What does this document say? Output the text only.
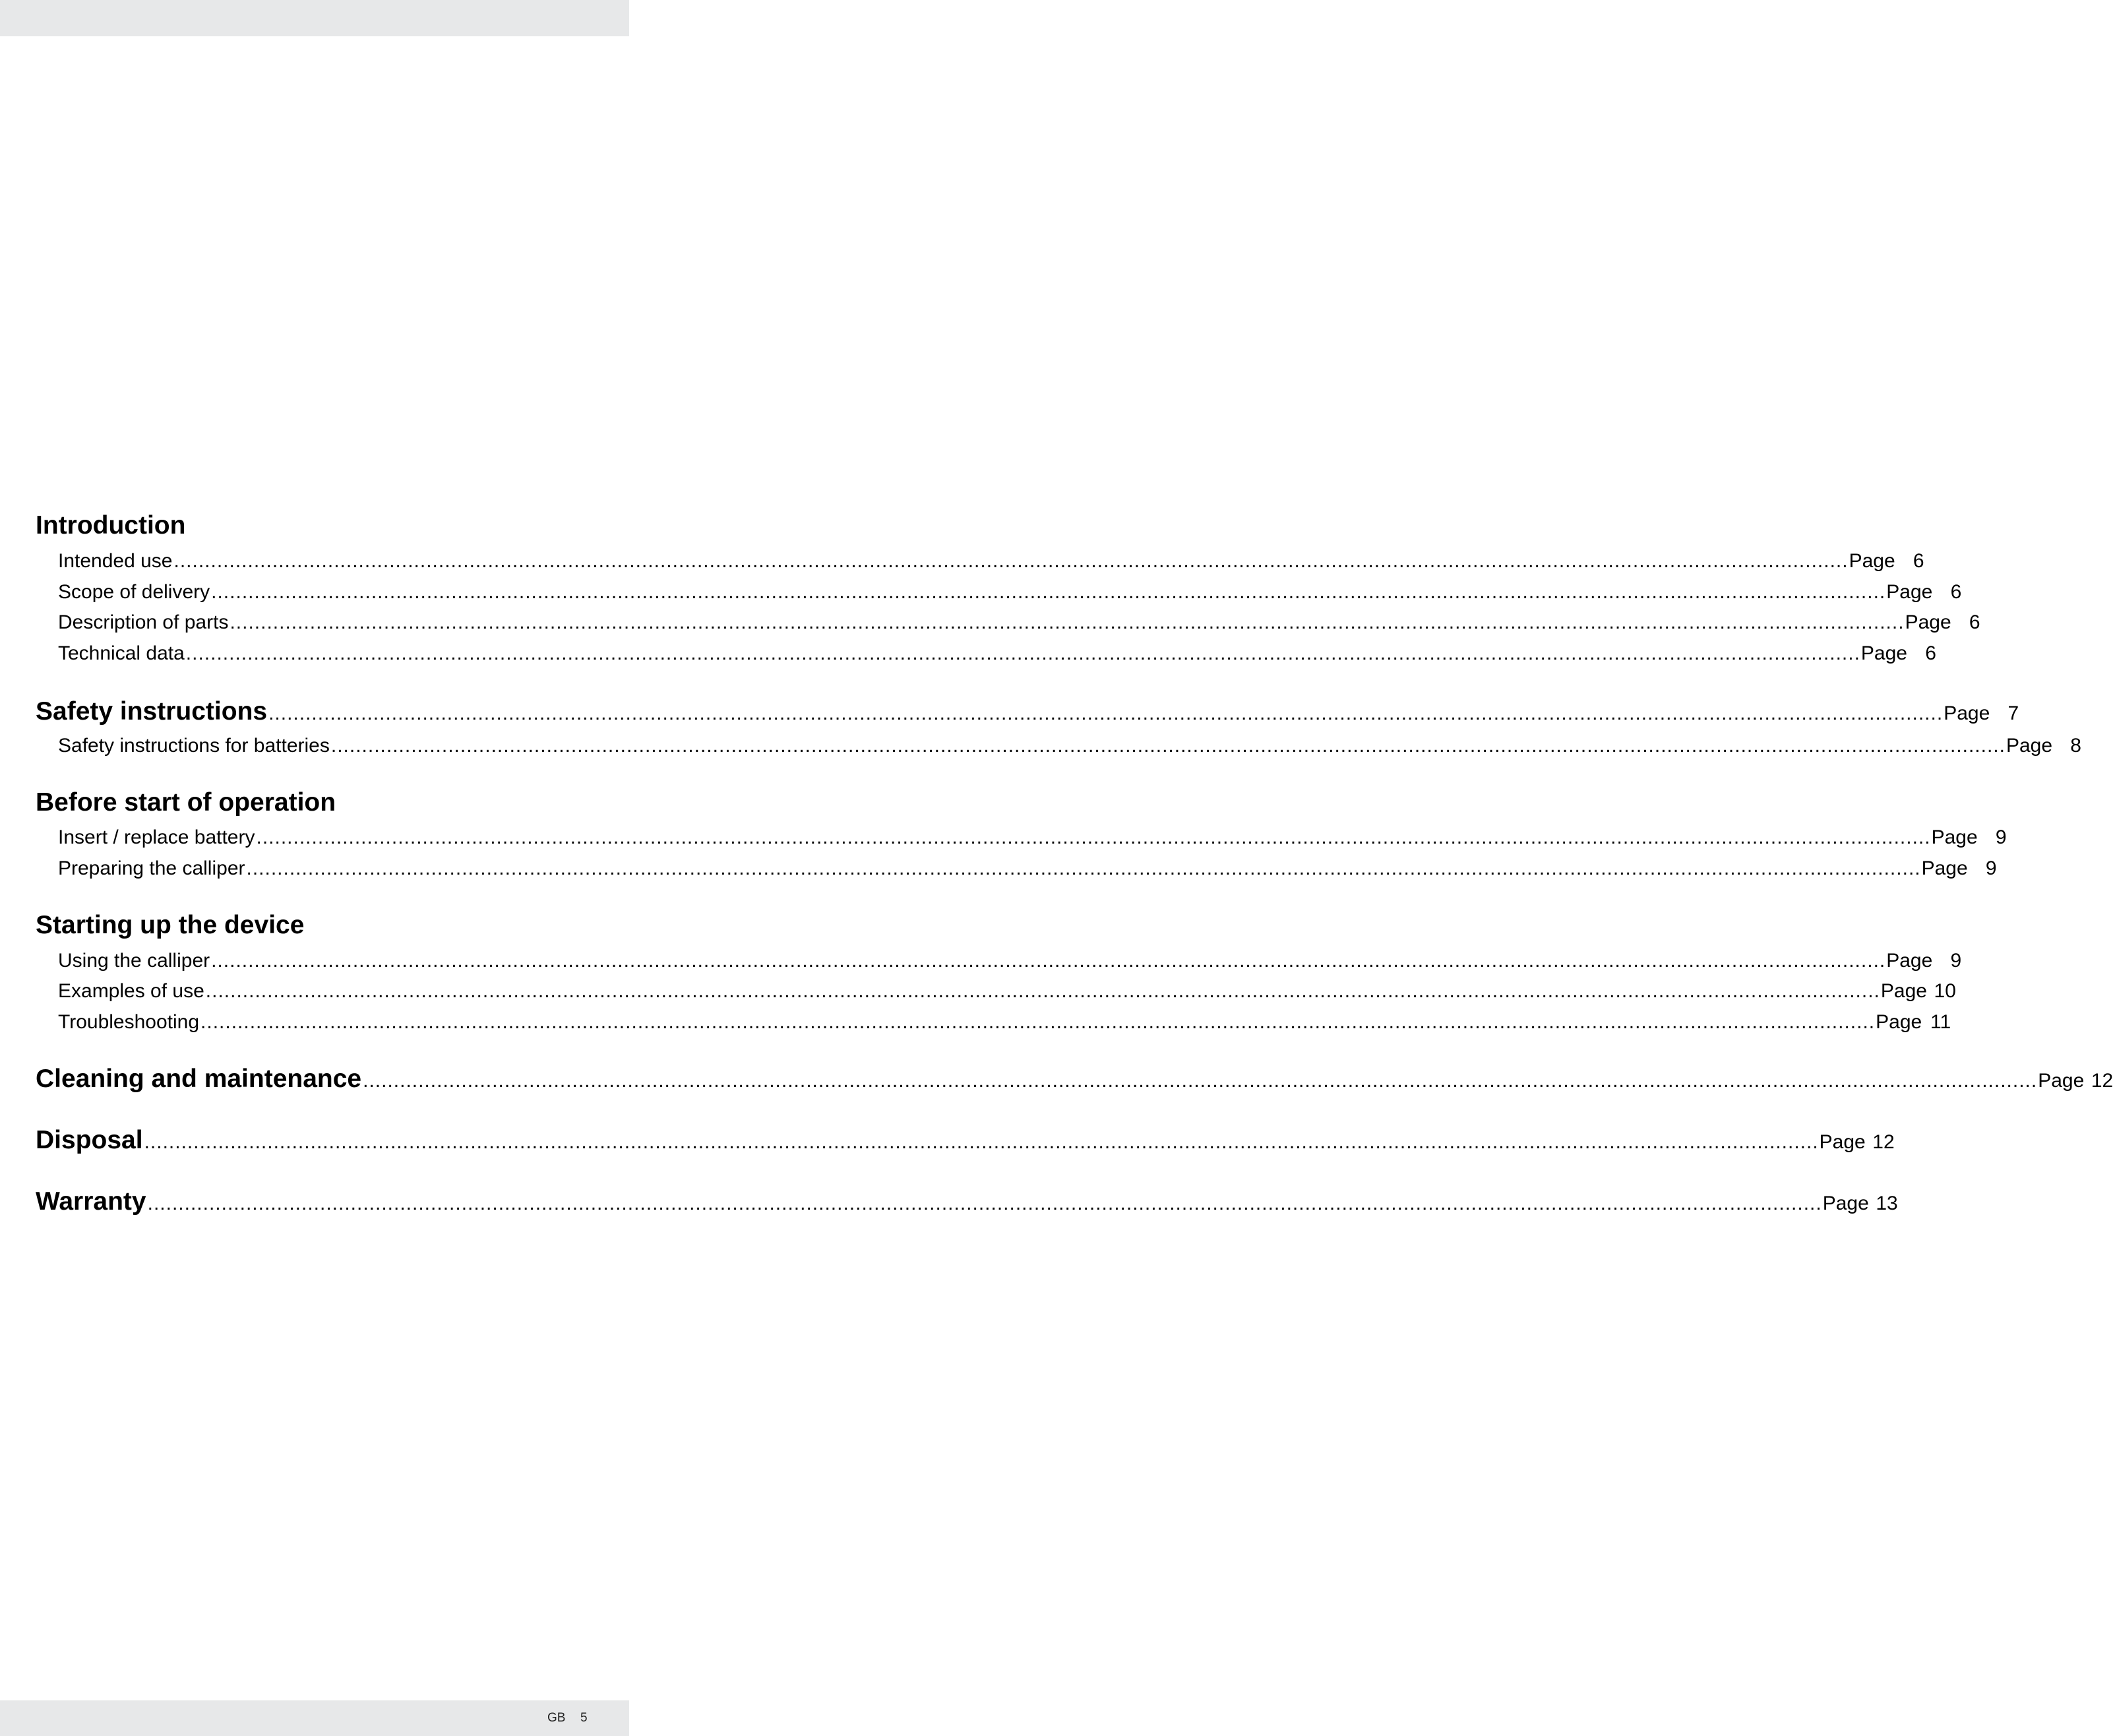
Introduction
Intended use ................................................................................................................................................................................................................................................................................ Page 6
Scope of delivery ................................................................................................................................................................................................................................................................................ Page 6
Description of parts ................................................................................................................................................................................................................................................................................ Page 6
Technical data ................................................................................................................................................................................................................................................................................ Page 6
Safety instructions ................................................................................................................................................................................................................................................................................ Page 7
Safety instructions for batteries ................................................................................................................................................................................................................................................................................ Page 8
Before start of operation
Insert / replace battery ................................................................................................................................................................................................................................................................................ Page 9
Preparing the calliper ................................................................................................................................................................................................................................................................................ Page 9
Starting up the device
Using the calliper ................................................................................................................................................................................................................................................................................ Page 9
Examples of use ................................................................................................................................................................................................................................................................................ Page 10
Troubleshooting ................................................................................................................................................................................................................................................................................ Page 11
Cleaning and maintenance ................................................................................................................................................................................................................................................................................ Page 12
Disposal ................................................................................................................................................................................................................................................................................ Page 12
Warranty ................................................................................................................................................................................................................................................................................ Page 13
GB 5
